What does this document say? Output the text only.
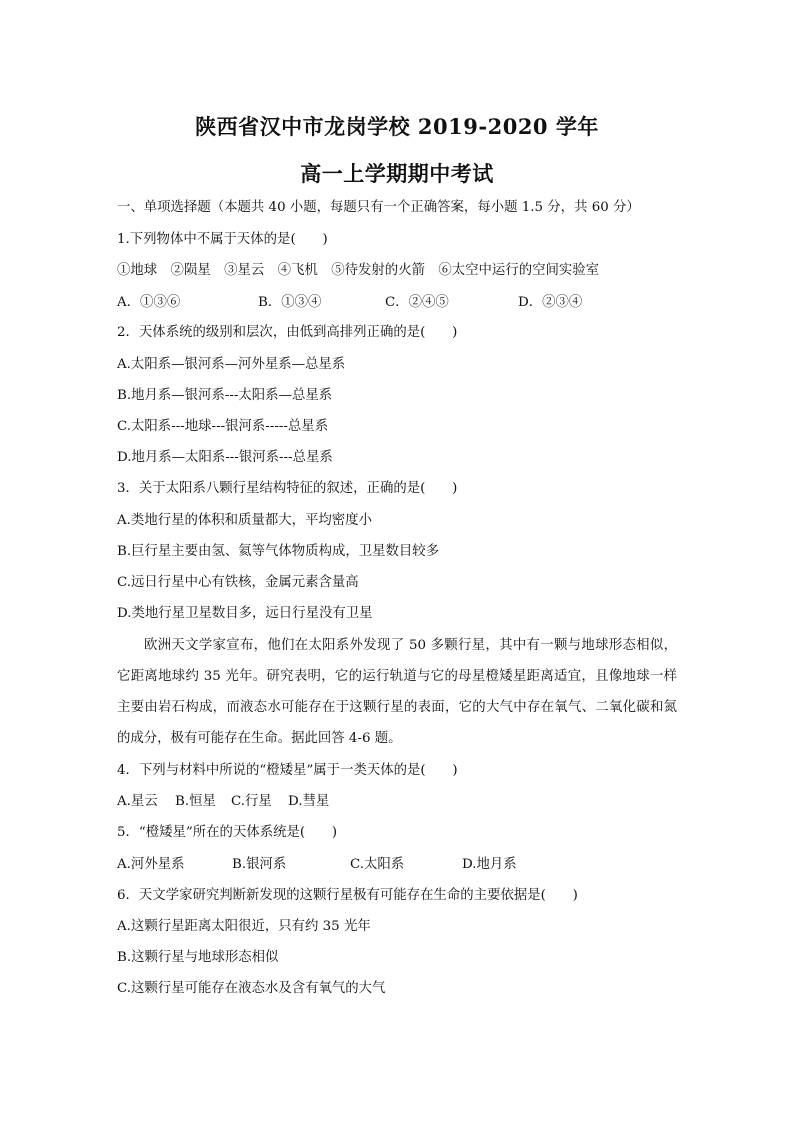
陕西省汉中市龙岗学校 2019-2020 学年
高一上学期期中考试
一、单项选择题（本题共 40 小题，每题只有一个正确答案，每小题 1.5 分，共 60 分）
1.下列物体中不属于天体的是(　　)
①地球　②陨星　③星云　④飞机　⑤待发射的火箭　⑥太空中运行的空间实验室
A．①③⑥	B．①③④	C．②④⑤	D．②③④
2．天体系统的级别和层次，由低到高排列正确的是(　　)
A.太阳系—银河系—河外星系—总星系
B.地月系—银河系---太阳系—总星系
C.太阳系---地球---银河系-----总星系
D.地月系—太阳系---银河系---总星系
3．关于太阳系八颗行星结构特征的叙述，正确的是(　　)
A.类地行星的体积和质量都大，平均密度小
B.巨行星主要由氢、氦等气体物质构成，卫星数目较多
C.远日行星中心有铁核，金属元素含量高
D.类地行星卫星数目多，远日行星没有卫星
欧洲天文学家宣布，他们在太阳系外发现了 50 多颗行星，其中有一颗与地球形态相似，它距离地球约 35 光年。研究表明，它的运行轨道与它的母星橙矮星距离适宜，且像地球一样主要由岩石构成，而液态水可能存在于这颗行星的表面，它的大气中存在氧气、二氧化碳和氮的成分，极有可能存在生命。据此回答 4-6 题。
4．下列与材料中所说的“橙矮星”属于一类天体的是(　　)
A.星云 B.恒星 C.行星 D.彗星
5．“橙矮星”所在的天体系统是(　　)
A.河外星系	B.银河系	C.太阳系	D.地月系
6．天文学家研究判断新发现的这颗行星极有可能存在生命的主要依据是(　　)
A.这颗行星距离太阳很近，只有约 35 光年
B.这颗行星与地球形态相似
C.这颗行星可能存在液态水及含有氧气的大气
